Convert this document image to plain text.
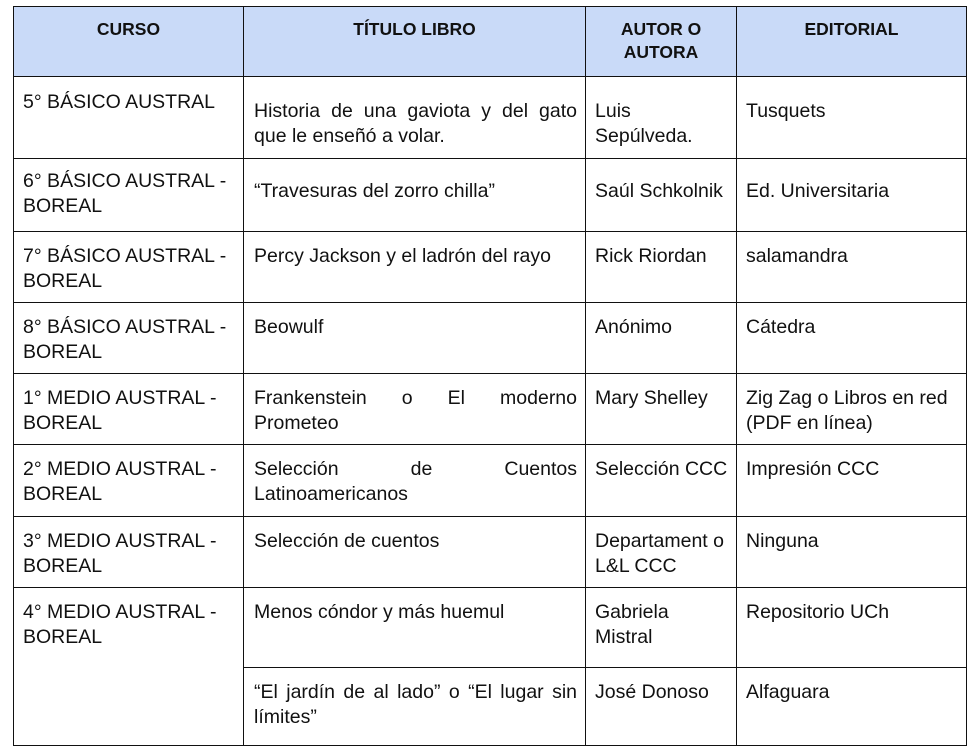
CURSO	TÍTULO LIBRO	AUTOR O AUTORA	EDITORIAL
5° BÁSICO AUSTRAL	Historia de una gaviota y del gato que le enseñó a volar.	Luis Sepúlveda.	Tusquets
6° BÁSICO AUSTRAL - BOREAL	“Travesuras del zorro chilla”	Saúl Schkolnik	Ed. Universitaria
7° BÁSICO AUSTRAL - BOREAL	Percy Jackson y el ladrón del rayo	Rick Riordan	salamandra
8° BÁSICO AUSTRAL - BOREAL	Beowulf	Anónimo	Cátedra
1° MEDIO AUSTRAL - BOREAL	Frankenstein o El moderno Prometeo	Mary Shelley	Zig Zag o Libros en red (PDF en línea)
2° MEDIO AUSTRAL -BOREAL	Selección de Cuentos Latinoamericanos	Selección CCC	Impresión CCC
3° MEDIO AUSTRAL - BOREAL	Selección de cuentos	Departament o L&L CCC	Ninguna
4° MEDIO AUSTRAL - BOREAL	Menos cóndor y más huemul	Gabriela Mistral	Repositorio UCh
	“El jardín de al lado” o “El lugar sin límites”	José Donoso	Alfaguara
